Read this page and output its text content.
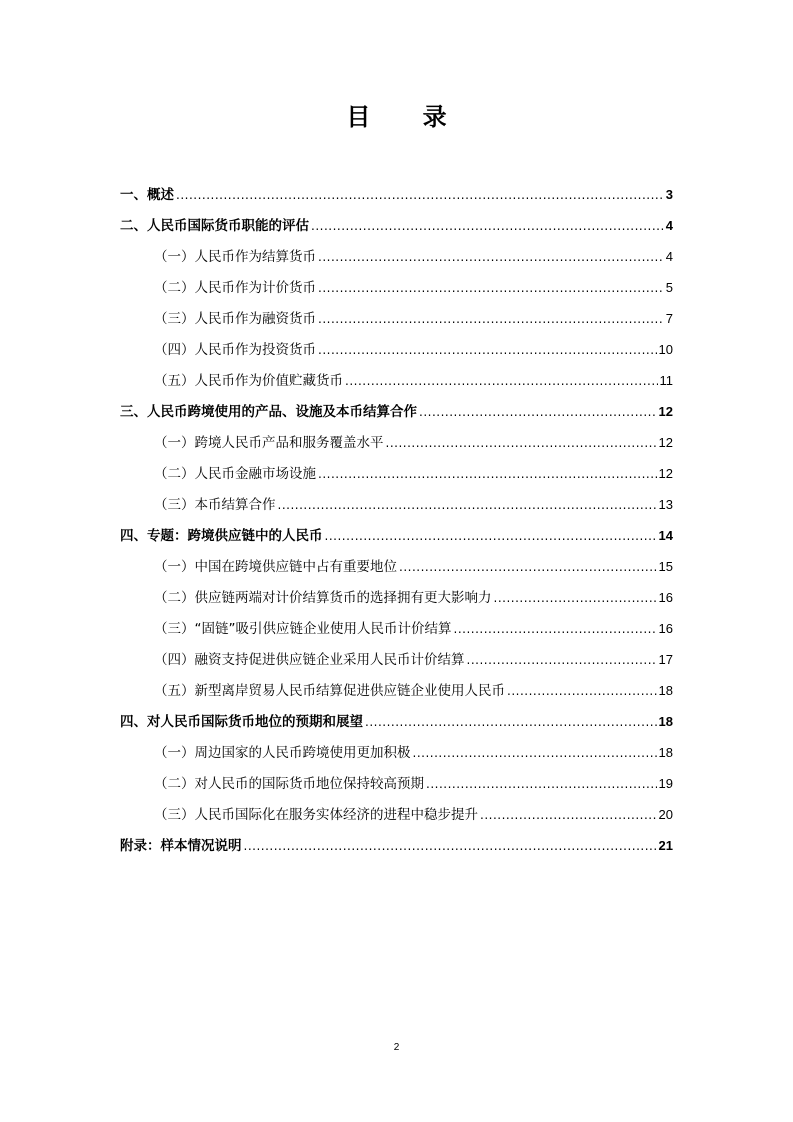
目 录
一、概述 .....	3
二、人民币国际货币职能的评估 .....	4
（一）人民币作为结算货币 .....	4
（二）人民币作为计价货币 .....	5
（三）人民币作为融资货币 .....	7
（四）人民币作为投资货币 .....	10
（五）人民币作为价值贮藏货币 .....	11
三、人民币跨境使用的产品、设施及本币结算合作 .....	12
（一）跨境人民币产品和服务覆盖水平 .....	12
（二）人民币金融市场设施 .....	12
（三）本币结算合作 .....	13
四、专题：跨境供应链中的人民币 .....	14
（一）中国在跨境供应链中占有重要地位 .....	15
（二）供应链两端对计价结算货币的选择拥有更大影响力 .....	16
（三）“固链”吸引供应链企业使用人民币计价结算 .....	16
（四）融资支持促进供应链企业采用人民币计价结算 .....	17
（五）新型离岸贸易人民币结算促进供应链企业使用人民币 .....	18
四、对人民币国际货币地位的预期和展望 .....	18
（一）周边国家的人民币跨境使用更加积极 .....	18
（二）对人民币的国际货币地位保持较高预期 .....	19
（三）人民币国际化在服务实体经济的进程中稳步提升 .....	20
附录：样本情况说明 .....	21
2
